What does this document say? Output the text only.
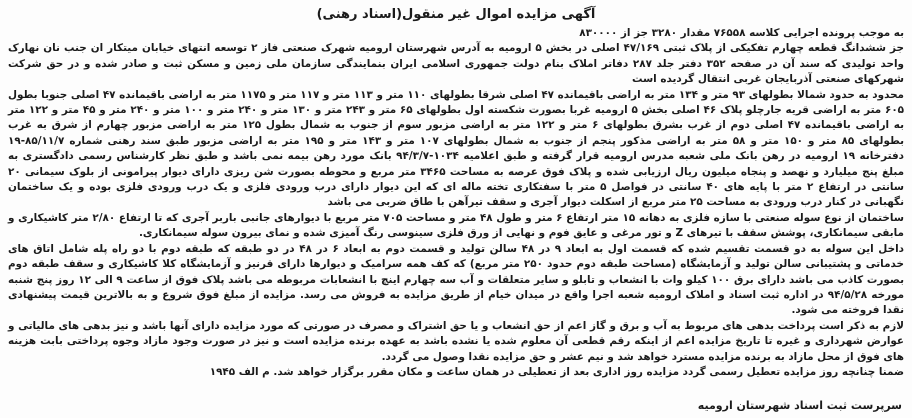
آگهی مزایده اموال غیر منقول(اسناد رهنی)

به موجب پرونده اجرایی کلاسه ۷۶۵۵۸ مقدار ۳۲۸۰ جز از ۸۳۰۰۰۰

جز ششدانگ قطعه چهارم تفکیکی از پلاک ثبتی ۴۷/۱۶۹ اصلی در بخش ۵ ارومیه به آدرس شهرستان ارومیه شهرک صنعتی فاز ۲ توسعه انتهای خیابان میتکار ان جنب نان نهارک واحد تولیدی که سند آن در صفحه ۳۵۲ دفتر جلد ۲۸۷ دفاتر املاک بنام دولت جمهوری اسلامی ایران بنمایندگی سازمان ملی زمین و مسکن ثبت و صادر شده و در حق شرکت شهرکهای صنعتی آذربایجان غربی انتقال گردیده است

محدود به حدود شمالا بطولهای ۹۳ متر و ۱۳۴ متر به اراضی باقیمانده ۴۷ اصلی شرقا بطولهای ۱۱۰ متر و ۱۱۳ متر و ۱۱۷ متر و ۱۱۷۵ متر به اراضی باقیمانده ۴۷ اصلی جنوبا بطول ۶۰۵ متر به اراضی قریه جارچلو پلاک ۴۶ اصلی بخش ۵ ارومیه غربا بصورت شکسته اول بطولهای ۶۵ متر و ۲۴۳ متر و ۱۳۰ متر و ۲۴۰ متر و ۱۰۰ متر و ۲۴۰ متر و ۴۵ متر و ۱۲۲ متر به اراضی باقیمانده ۴۷ اصلی دوم از غرب بشرق بطولهای ۶ متر و ۱۲۲ متر به اراضی مزبور سوم از جنوب به شمال بطول ۱۲۵ متر به اراضی مزبور چهارم از شرق به غرب بطولهای ۸۵ متر و ۱۵۰ متر و ۵۸ متر به اراضی مذکور پنجم از جنوب به شمال بطولهای ۱۰۷ متر و ۱۴۳ متر و ۱۹۵ متر به اراضی مزبور طبق سند رهنی شماره ۸۵/۱۱/۷-۱۹ دفترخانه ۱۹ ارومیه در رهن بانک ملی شعبه مدرس ارومیه قرار گرفته و طبق اعلامیه ۱۰۳۴-۹۴/۳/۷ بانک مورد رهن بیمه نمی باشد و طبق نظر کارشناس رسمی دادگستری به مبلغ پنج میلیارد و نهصد و پنجاه میلیون ریال ارزیابی شده و پلاک فوق عرصه به مساحت ۳۴۶۵ متر مربع و محوطه بصورت شن ریزی دارای دیوار پیرامونی از بلوک سیمانی ۲۰ سانتی در ارتفاع ۲ متر با پایه های ۴۰ سانتی در فواصل ۵ متر با سفتکاری تخته ماله ای که این دیوار دارای درب ورودی فلزی و یک درب ورودی فلزی بوده و یک ساختمان نگهبانی در کنار درب ورودی به مساحت ۲۵ متر مربع از اسکلت دیوار آجری و سقف تیرآهن با طاق ضربی می باشد

ساختمان از نوع سوله صنعتی با سازه فلزی به دهانه ۱۵ متر ارتفاع ۶ متر و طول ۴۸ متر و مساحت ۷۰۵ متر مربع با دیوارهای جانبی باربر آجری که تا ارتفاع ۲/۸۰ متر کاشیکاری و مابقی سیمانکاری، پوشش سقف با تیرهای Z و تور مرغی و عایق فوم و نهایی از ورق فلزی سینوسی رنگ آمیزی شده و نمای بیرون سوله سیمانکاری.

داخل این سوله به دو قسمت تقسیم شده که قسمت اول به ابعاد ۹ در ۴۸ سالن تولید و قسمت دوم به ابعاد ۶ در ۴۸ در دو طبقه که طبقه دوم با دو راه پله شامل اتاق های خدماتی و پشتیبانی سالن تولید و آزمایشگاه (مساحت طبقه دوم حدود ۲۵۰ متر مربع) که کف همه سرامیک و دیوارها دارای قرنیز و آزمایشگاه کلا کاشیکاری و سقف طبقه دوم بصورت کاذب می باشد دارای برق ۱۰۰ کیلو وات با انشعاب و تابلو و سایر متعلقات و آب سه چهارم اینچ با انشعابات مربوطه می باشد پلاک فوق از ساعت ۹ الی ۱۲ روز پنج شنبه مورخه ۹۴/۵/۲۸ در اداره ثبت اسناد و املاک ارومیه شعبه اجرا واقع در میدان خیام از طریق مزایده به فروش می رسد. مزایده از مبلغ فوق شروع و به بالاترین قیمت پیشنهادی نقدا فروخته می شود.

لازم به ذکر است پرداخت بدهی های مربوط به آب و برق و گاز اعم از حق انشعاب و یا حق اشتراک و مصرف در صورتی که مورد مزایده دارای آنها باشد و نیز بدهی های مالیاتی و عوارض شهرداری و غیره تا تاریخ مزایده اعم از اینکه رقم قطعی آن معلوم شده یا نشده باشد به عهده برنده مزایده است و نیز در صورت وجود مازاد وجوه پرداختی بابت هزینه های فوق از محل مازاد به برنده مزایده مسترد خواهد شد و نیم عشر و حق مزایده نقدا وصول می گردد.

ضمنا چنانچه روز مزایده تعطیل رسمی گردد مزایده روز اداری بعد از تعطیلی در همان ساعت و مکان مقرر برگزار خواهد شد. م الف ۱۹۴۵

سرپرست ثبت اسناد شهرستان ارومیه
